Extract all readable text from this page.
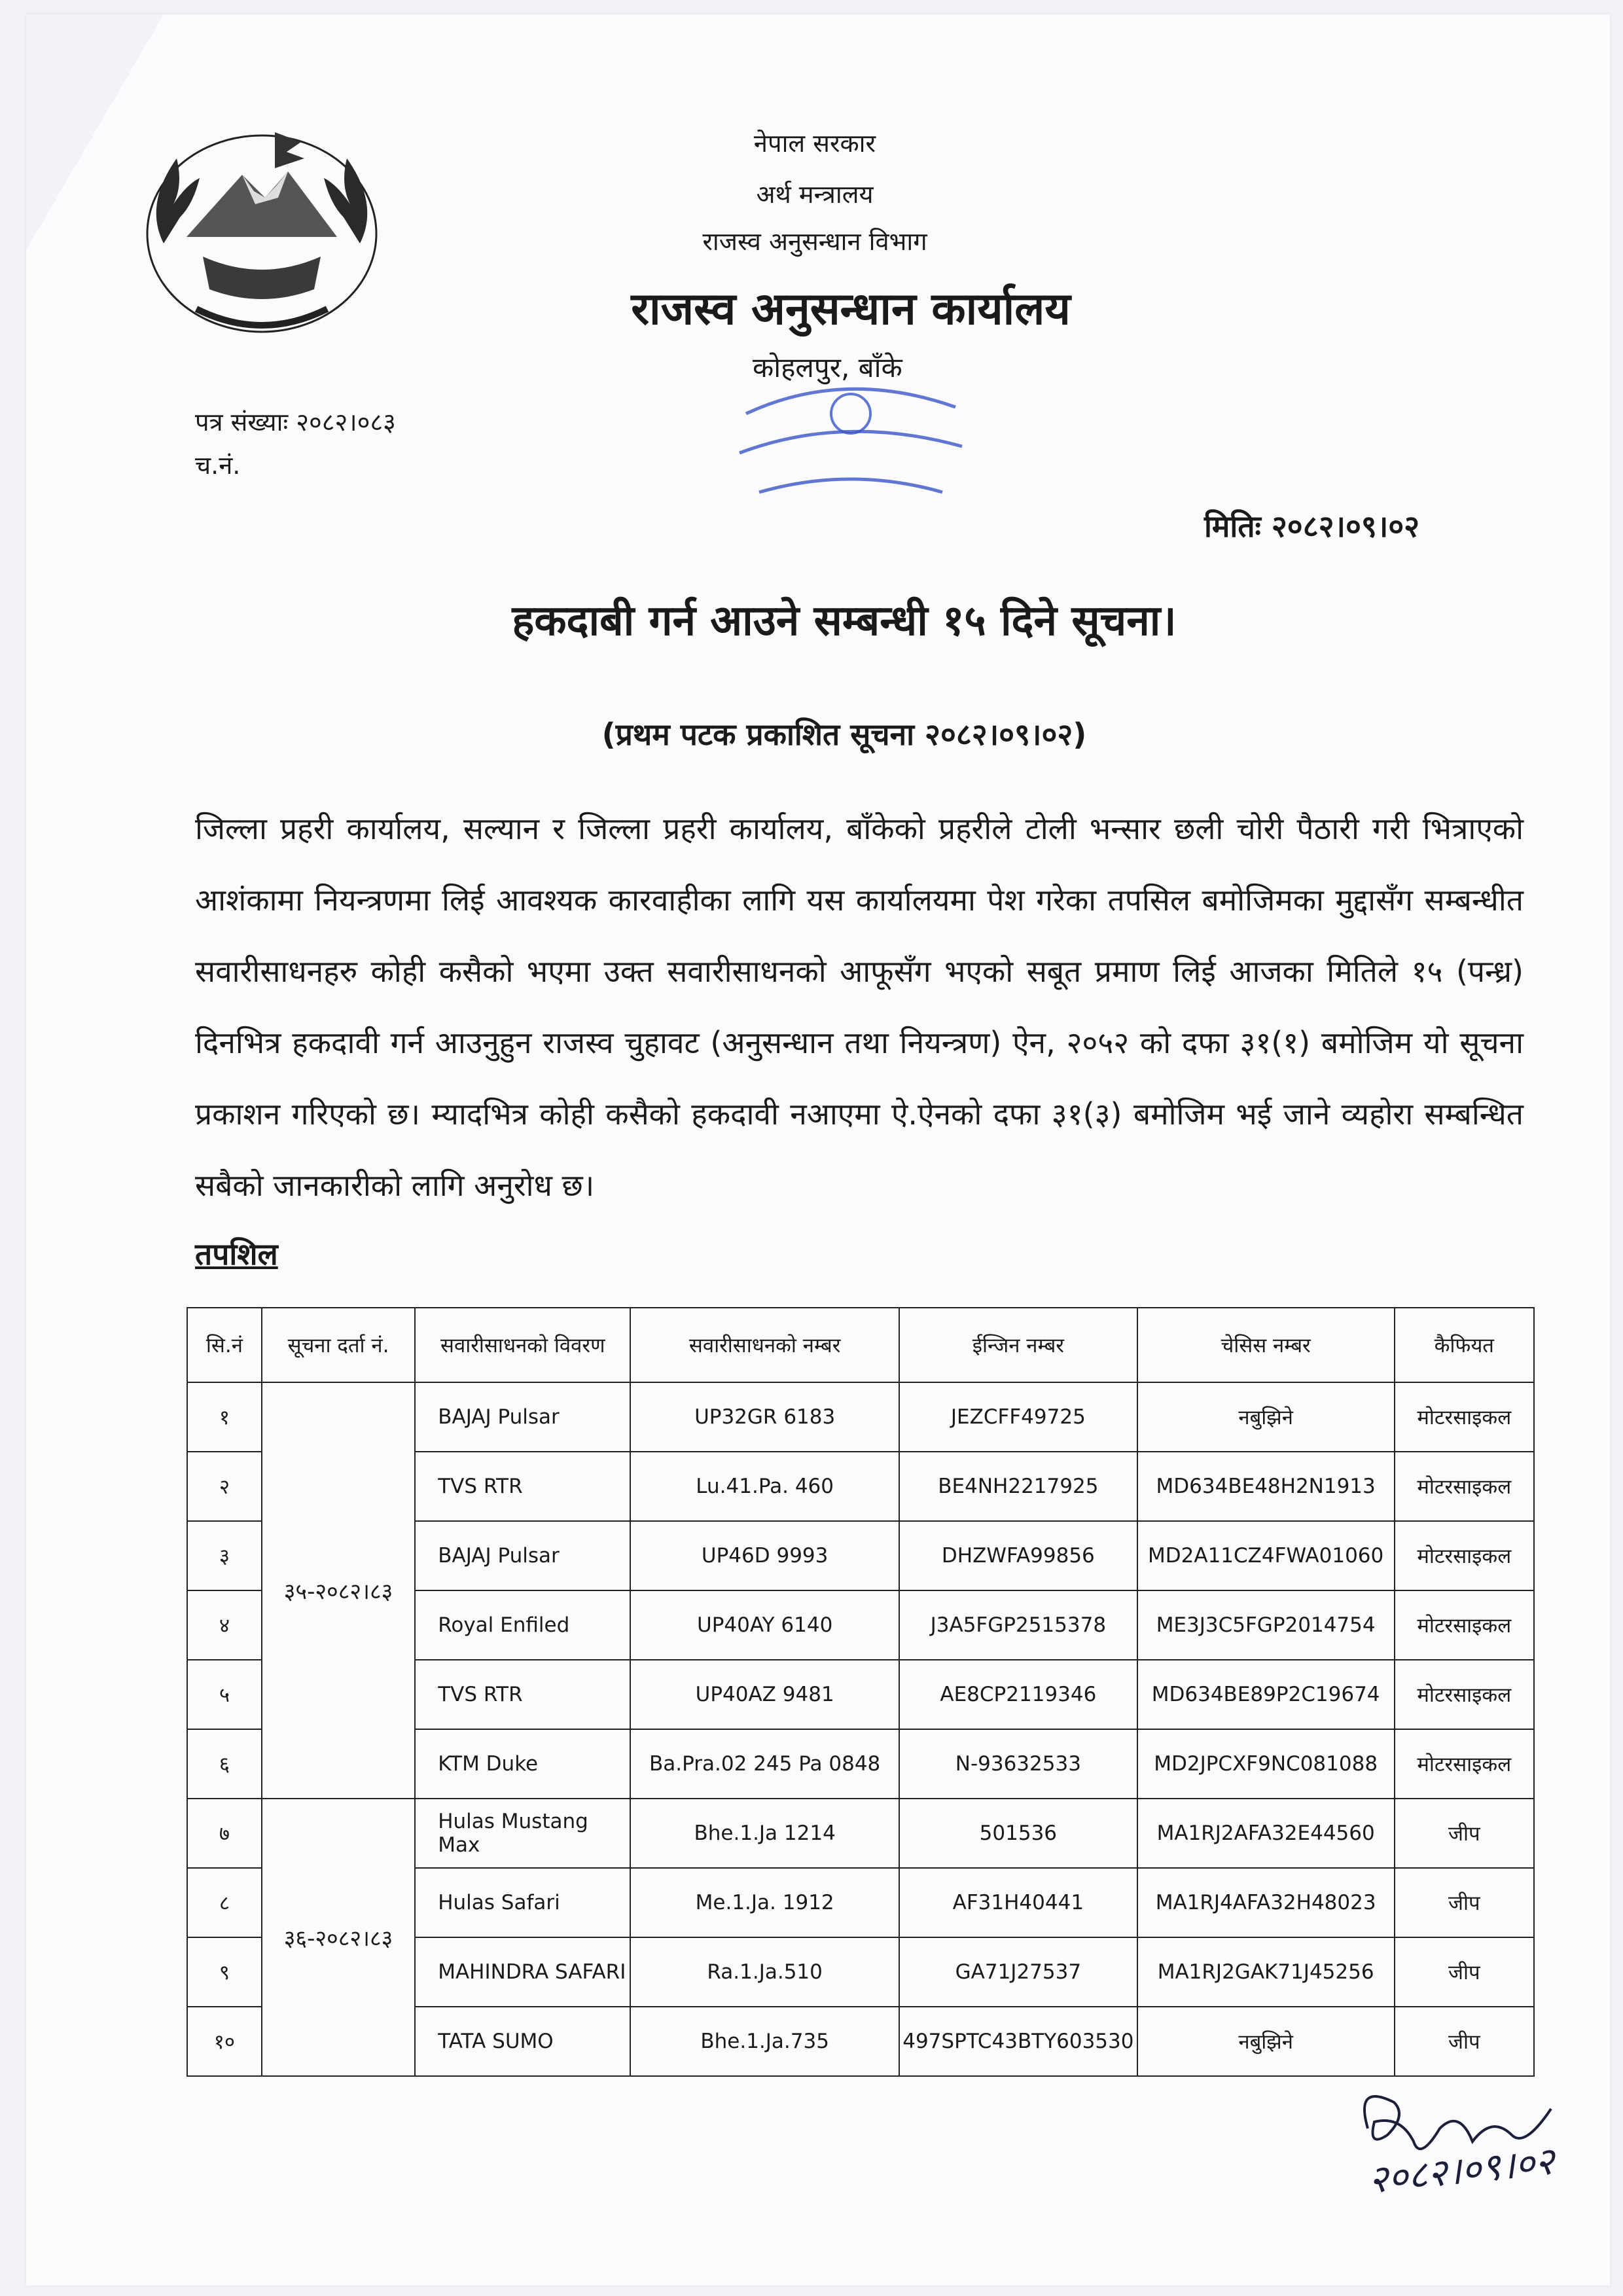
नेपाल सरकार
अर्थ मन्त्रालय
राजस्व अनुसन्धान विभाग
राजस्व अनुसन्धान कार्यालय
कोहलपुर, बाँके
पत्र संख्याः २०८२।०८३
च.नं.
मितिः २०८२।०९।०२
हकदाबी गर्न आउने सम्बन्धी १५ दिने सूचना।
(प्रथम पटक प्रकाशित सूचना २०८२।०९।०२)
जिल्ला प्रहरी कार्यालय, सल्यान र जिल्ला प्रहरी कार्यालय, बाँकेको प्रहरीले टोली भन्सार छली चोरी पैठारी गरी भित्राएको आशंकामा नियन्त्रणमा लिई आवश्यक कारवाहीका लागि यस कार्यालयमा पेश गरेका तपसिल बमोजिमका मुद्दासँग सम्बन्धीत सवारीसाधनहरु कोही कसैको भएमा उक्त सवारीसाधनको आफूसँग भएको सबूत प्रमाण लिई आजका मितिले १५ (पन्ध्र) दिनभित्र हकदावी गर्न आउनुहुन राजस्व चुहावट (अनुसन्धान तथा नियन्त्रण) ऐन, २०५२ को दफा ३१(१) बमोजिम यो सूचना प्रकाशन गरिएको छ। म्यादभित्र कोही कसैको हकदावी नआएमा ऐ.ऐनको दफा ३१(३) बमोजिम भई जाने व्यहोरा सम्बन्धित सबैको जानकारीको लागि अनुरोध छ।
तपशिल
सि.नं	सूचना दर्ता नं.	सवारीसाधनको विवरण	सवारीसाधनको नम्बर	ईन्जिन नम्बर	चेसिस नम्बर	कैफियत
१	३५-२०८२।८३	BAJAJ Pulsar	UP32GR 6183	JEZCFF49725	नबुझिने	मोटरसाइकल
२		TVS RTR	Lu.41.Pa. 460	BE4NH2217925	MD634BE48H2N1913	मोटरसाइकल
३		BAJAJ Pulsar	UP46D 9993	DHZWFA99856	MD2A11CZ4FWA01060	मोटरसाइकल
४		Royal Enfiled	UP40AY 6140	J3A5FGP2515378	ME3J3C5FGP2014754	मोटरसाइकल
५		TVS RTR	UP40AZ 9481	AE8CP2119346	MD634BE89P2C19674	मोटरसाइकल
६		KTM Duke	Ba.Pra.02 245 Pa 0848	N-93632533	MD2JPCXF9NC081088	मोटरसाइकल
७	३६-२०८२।८३	Hulas Mustang Max	Bhe.1.Ja 1214	501536	MA1RJ2AFA32E44560	जीप
८		Hulas Safari	Me.1.Ja. 1912	AF31H40441	MA1RJ4AFA32H48023	जीप
९		MAHINDRA SAFARI	Ra.1.Ja.510	GA71J27537	MA1RJ2GAK71J45256	जीप
१०		TATA SUMO	Bhe.1.Ja.735	497SPTC43BTY603530	नबुझिने	जीप
२०८२।०९।०२
